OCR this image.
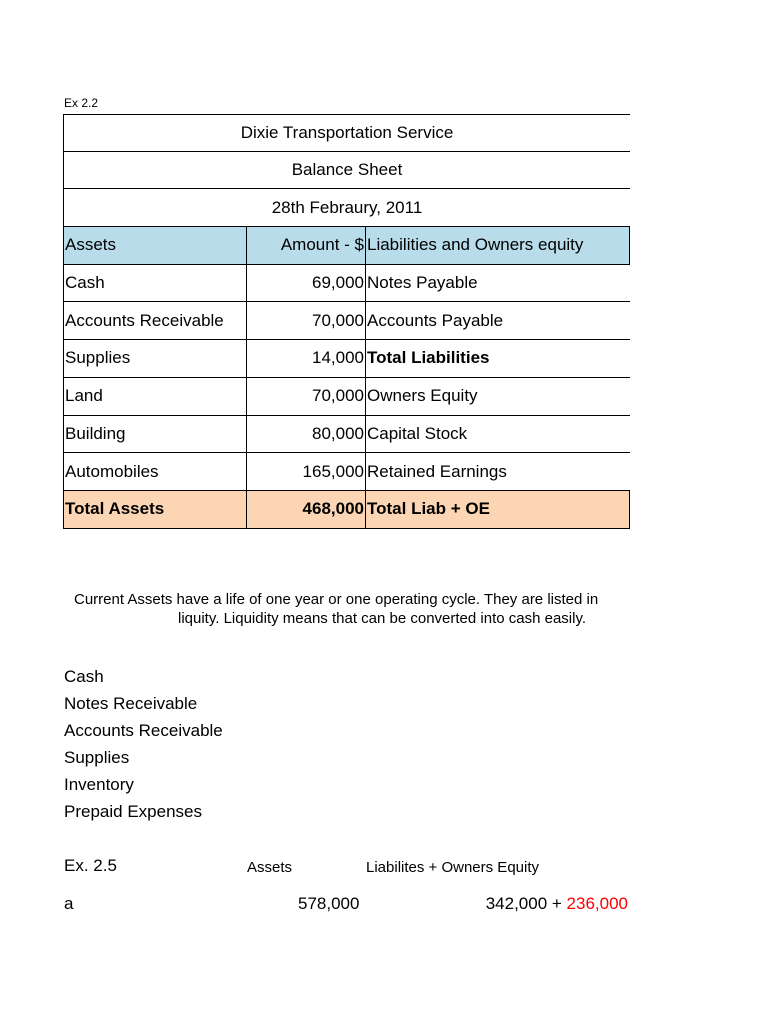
Ex 2.2
Dixie Transportation Service
Balance Sheet
28th Febraury, 2011
Assets	Amount - $ Liabilities and Owners equity
Cash	69,000 Notes Payable
Accounts Receivable	70,000 Accounts Payable
Supplies	14,000 Total Liabilities
Land	70,000 Owners Equity
Building	80,000 Capital Stock
Automobiles	165,000 Retained Earnings
Total Assets	468,000 Total Liab + OE
Current Assets have a life of one year or one operating cycle. They are listed in
liquity. Liquidity means that can be converted into cash easily.
Cash
Notes Receivable
Accounts Receivable
Supplies
Inventory
Prepaid Expenses
Ex. 2.5	Assets	Liabilites + Owners Equity
a	578,000	342,000 + 236,000
